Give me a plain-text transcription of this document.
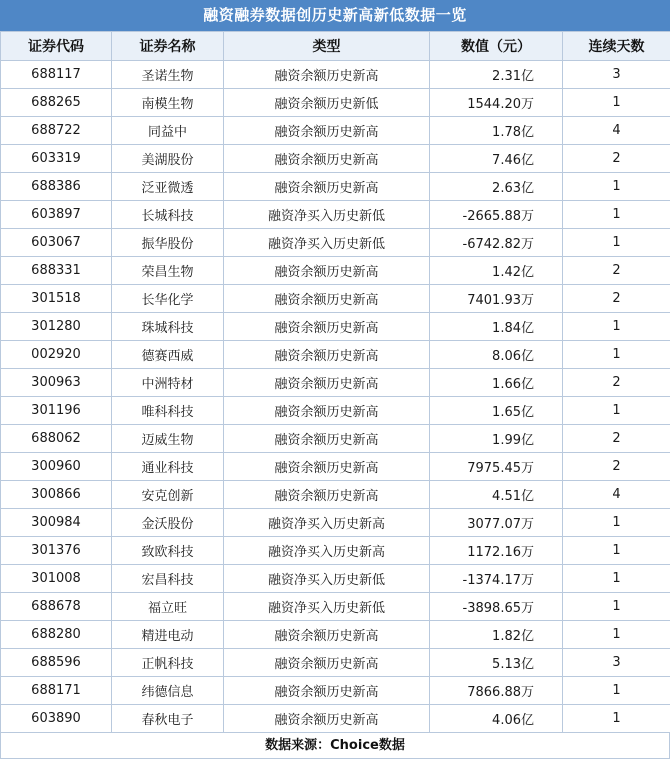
融资融券数据创历史新高新低数据一览
证券代码	证券名称	类型	数值（元）	连续天数
688117	圣诺生物	融资余额历史新高	2.31亿	3
688265	南模生物	融资余额历史新低	1544.20万	1
688722	同益中	融资余额历史新高	1.78亿	4
603319	美湖股份	融资余额历史新高	7.46亿	2
688386	泛亚微透	融资余额历史新高	2.63亿	1
603897	长城科技	融资净买入历史新低	-2665.88万	1
603067	振华股份	融资净买入历史新低	-6742.82万	1
688331	荣昌生物	融资余额历史新高	1.42亿	2
301518	长华化学	融资余额历史新高	7401.93万	2
301280	珠城科技	融资余额历史新高	1.84亿	1
002920	德赛西威	融资余额历史新高	8.06亿	1
300963	中洲特材	融资余额历史新高	1.66亿	2
301196	唯科科技	融资余额历史新高	1.65亿	1
688062	迈威生物	融资余额历史新高	1.99亿	2
300960	通业科技	融资余额历史新高	7975.45万	2
300866	安克创新	融资余额历史新高	4.51亿	4
300984	金沃股份	融资净买入历史新高	3077.07万	1
301376	致欧科技	融资净买入历史新高	1172.16万	1
301008	宏昌科技	融资净买入历史新低	-1374.17万	1
688678	福立旺	融资净买入历史新低	-3898.65万	1
688280	精进电动	融资余额历史新高	1.82亿	1
688596	正帆科技	融资余额历史新高	5.13亿	3
688171	纬德信息	融资余额历史新高	7866.88万	1
603890	春秋电子	融资余额历史新高	4.06亿	1
数据来源：Choice数据
